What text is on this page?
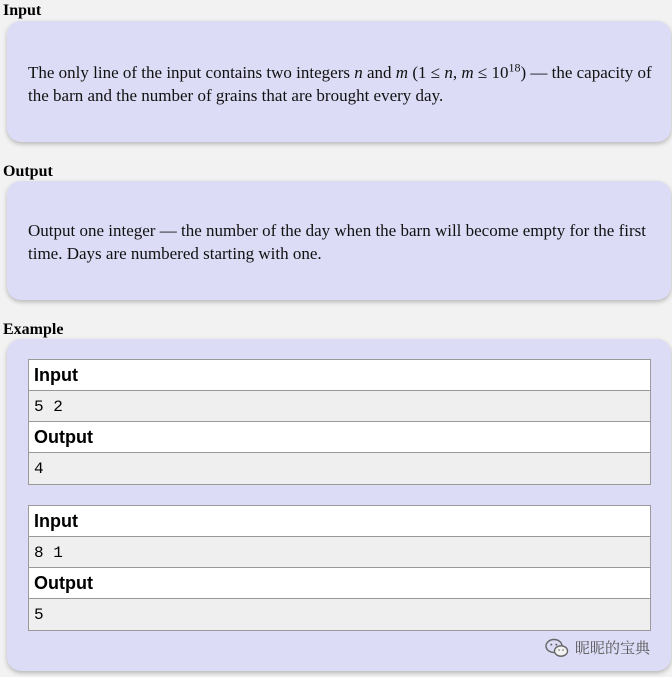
Input
The only line of the input contains two integers n and m (1 ≤ n, $m \le 10^{18}$) — the capacity of the barn and the number of grains that are brought every day.
Output
Output one integer — the number of the day when the barn will become empty for the first time. Days are numbered starting with one.
Example
Input
5 2
Output
4
Input
8 1
Output
5
昵昵的宝典
